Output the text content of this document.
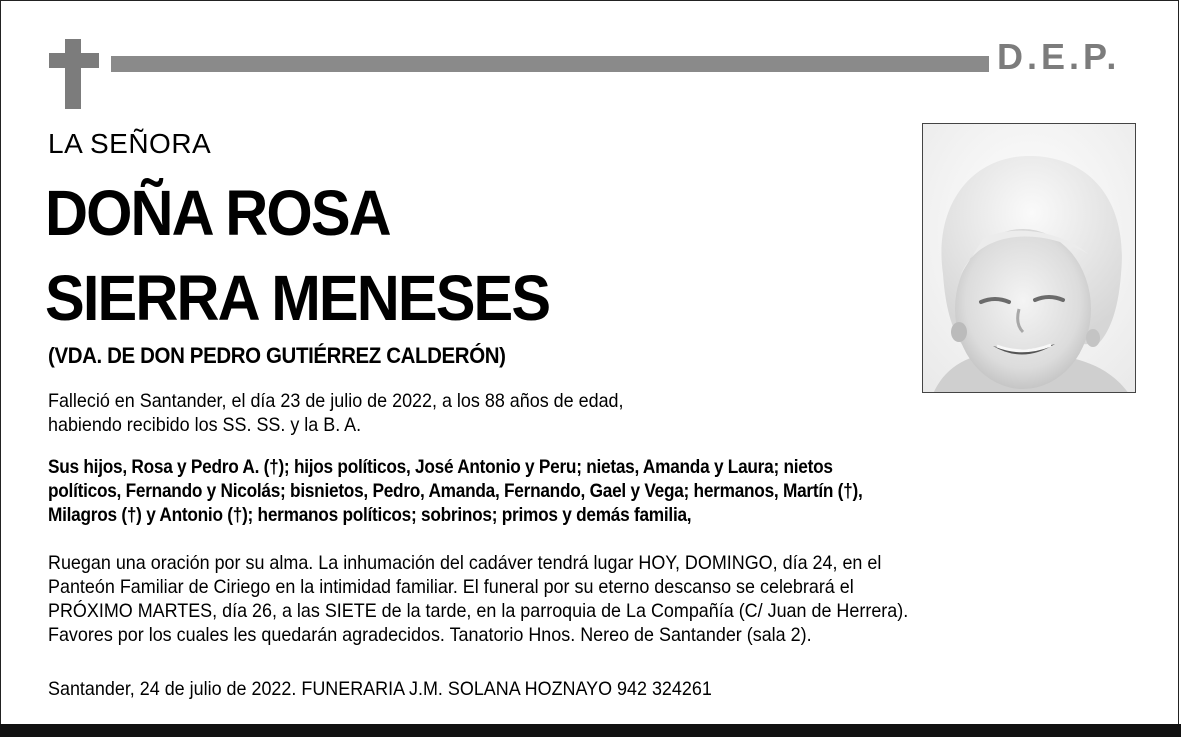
D.E.P.
LA SEÑORA
DOÑA ROSA
SIERRA MENESES
(VDA. DE DON PEDRO GUTIÉRREZ CALDERÓN)
Falleció en Santander, el día 23 de julio de 2022, a los 88 años de edad,
habiendo recibido los SS. SS. y la B. A.
Sus hijos, Rosa y Pedro A. (†); hijos políticos, José Antonio y Peru; nietas, Amanda y Laura; nietos
políticos, Fernando y Nicolás; bisnietos, Pedro, Amanda, Fernando, Gael y Vega; hermanos, Martín (†),
Milagros (†) y Antonio (†); hermanos políticos; sobrinos; primos y demás familia,
Ruegan una oración por su alma. La inhumación del cadáver tendrá lugar HOY, DOMINGO, día 24, en el
Panteón Familiar de Ciriego en la intimidad familiar. El funeral por su eterno descanso se celebrará el
PRÓXIMO MARTES, día 26, a las SIETE de la tarde, en la parroquia de La Compañía (C/ Juan de Herrera).
Favores por los cuales les quedarán agradecidos. Tanatorio Hnos. Nereo de Santander (sala 2).
Santander, 24 de julio de 2022. FUNERARIA J.M. SOLANA HOZNAYO 942 324261
